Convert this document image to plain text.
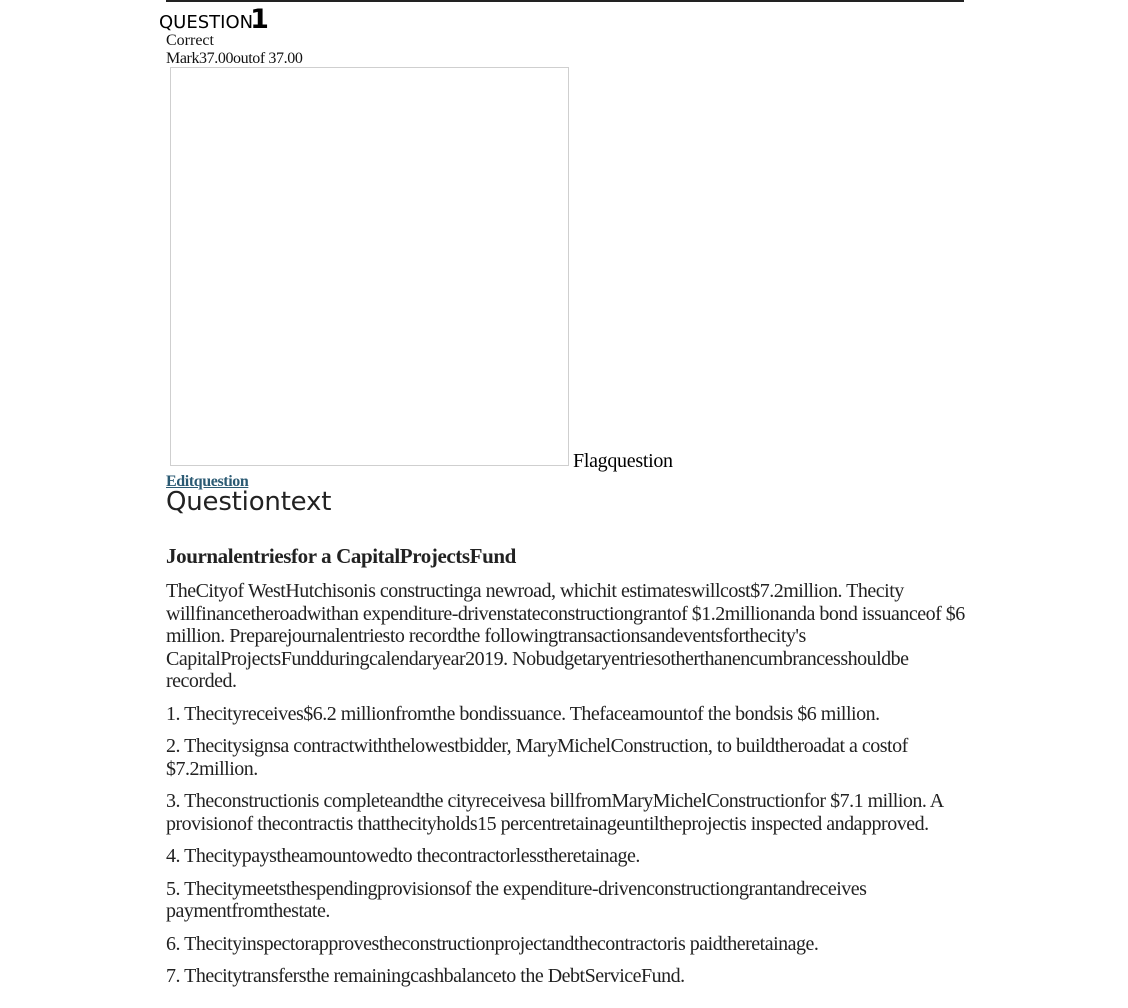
QUESTION1
Correct
Mark37.00outof 37.00
Flagquestion
Editquestion
Questiontext
Journalentriesfor a CapitalProjectsFund

TheCityof WestHutchisonis constructinga newroad, whichit estimateswillcost$7.2million. Thecity willfinancetheroadwithan expenditure-drivenstateconstructiongrantof $1.2millionanda bond issuanceof $6 million. Preparejournalentriesto recordthe followingtransactionsandeventsforthecity's CapitalProjectsFundduringcalendaryear2019. Nobudgetaryentriesotherthanencumbrancesshouldbe recorded.

1. Thecityreceives$6.2 millionfromthe bondissuance. Thefaceamountof the bondsis $6 million.

2. Thecitysignsa contractwiththelowestbidder, MaryMichelConstruction, to buildtheroadat a costof $7.2million.

3. Theconstructionis completeandthe cityreceivesa billfromMaryMichelConstructionfor $7.1 million. A provisionof thecontractis thatthecityholds15 percentretainageuntiltheprojectis inspected andapproved.

4. Thecitypaystheamountowedto thecontractorlesstheretainage.

5. Thecitymeetsthespendingprovisionsof the expenditure-drivenconstructiongrantandreceives paymentfromthestate.

6. Thecityinspectorapprovestheconstructionprojectandthecontractoris paidtheretainage.

7. Thecitytransfersthe remainingcashbalanceto the DebtServiceFund.
